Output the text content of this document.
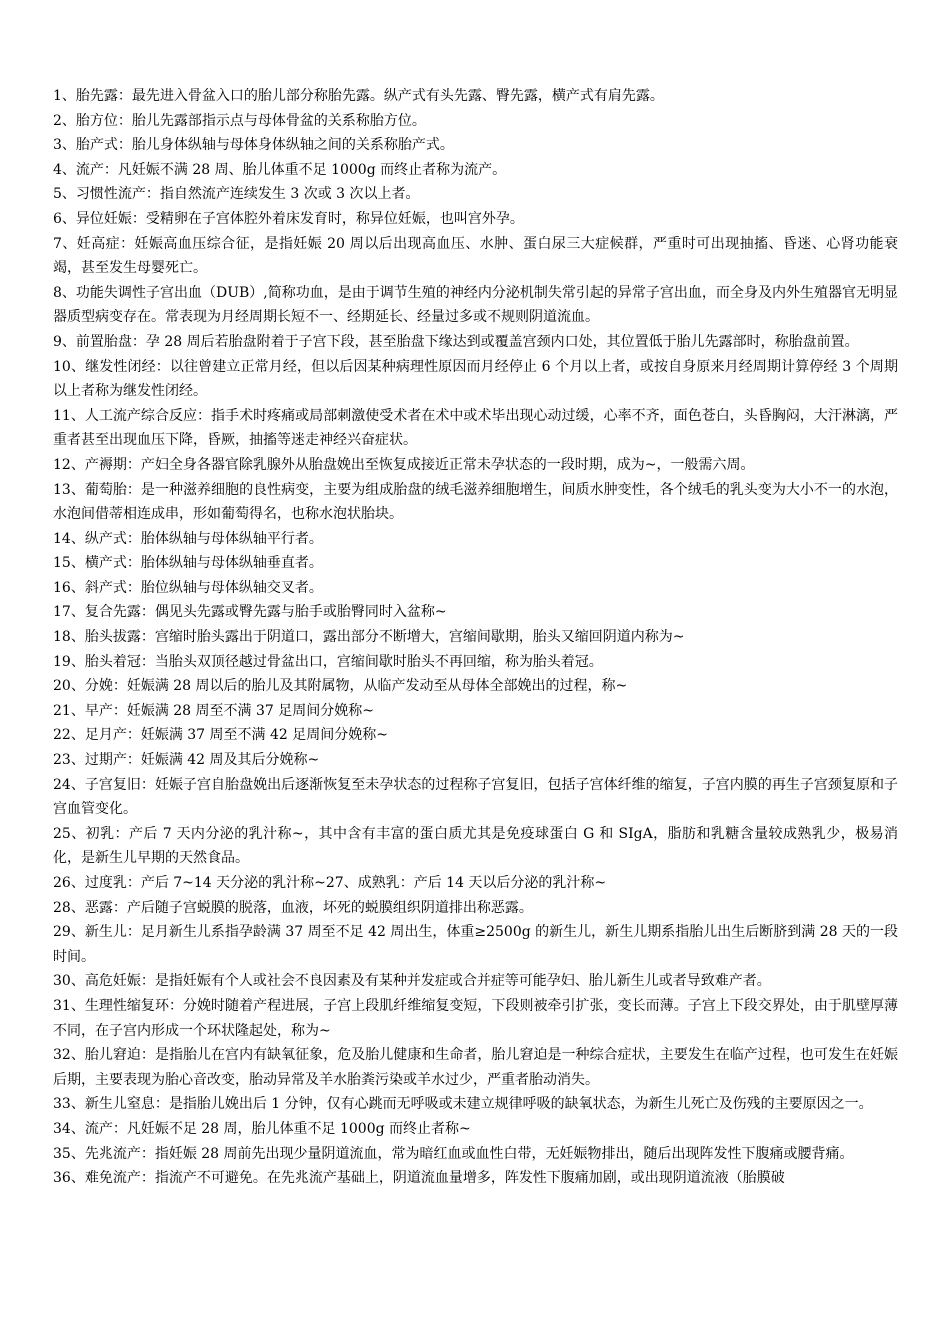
1、胎先露：最先进入骨盆入口的胎儿部分称胎先露。纵产式有头先露、臀先露，横产式有肩先露。

2、胎方位：胎儿先露部指示点与母体骨盆的关系称胎方位。

3、胎产式：胎儿身体纵轴与母体身体纵轴之间的关系称胎产式。

4、流产：凡妊娠不满 28 周、胎儿体重不足 1000g 而终止者称为流产。

5、习惯性流产：指自然流产连续发生 3 次或 3 次以上者。

6、异位妊娠：受精卵在子宫体腔外着床发育时，称异位妊娠，也叫宫外孕。

7、妊高症：妊娠高血压综合征，是指妊娠 20 周以后出现高血压、水肿、蛋白尿三大症候群，严重时可出现抽搐、昏迷、心肾功能衰竭，甚至发生母婴死亡。

8、功能失调性子宫出血（DUB）,简称功血，是由于调节生殖的神经内分泌机制失常引起的异常子宫出血，而全身及内外生殖器官无明显器质型病变存在。常表现为月经周期长短不一、经期延长、经量过多或不规则阴道流血。

9、前置胎盘：孕 28 周后若胎盘附着于子宫下段，甚至胎盘下缘达到或覆盖宫颈内口处，其位置低于胎儿先露部时，称胎盘前置。

10、继发性闭经：以往曾建立正常月经，但以后因某种病理性原因而月经停止 6 个月以上者，或按自身原来月经周期计算停经 3 个周期以上者称为继发性闭经。

11、人工流产综合反应：指手术时疼痛或局部刺激使受术者在术中或术毕出现心动过缓，心率不齐，面色苍白，头昏胸闷，大汗淋漓，严重者甚至出现血压下降，昏厥，抽搐等迷走神经兴奋症状。

12、产褥期：产妇全身各器官除乳腺外从胎盘娩出至恢复成接近正常未孕状态的一段时期，成为~，一般需六周。

13、葡萄胎：是一种滋养细胞的良性病变，主要为组成胎盘的绒毛滋养细胞增生，间质水肿变性，各个绒毛的乳头变为大小不一的水泡，水泡间借蒂相连成串，形如葡萄得名，也称水泡状胎块。

14、纵产式：胎体纵轴与母体纵轴平行者。

15、横产式：胎体纵轴与母体纵轴垂直者。

16、斜产式：胎位纵轴与母体纵轴交叉者。

17、复合先露：偶见头先露或臀先露与胎手或胎臀同时入盆称~

18、胎头拔露：宫缩时胎头露出于阴道口，露出部分不断增大，宫缩间歇期，胎头又缩回阴道内称为~

19、胎头着冠：当胎头双顶径越过骨盆出口，宫缩间歇时胎头不再回缩，称为胎头着冠。

20、分娩：妊娠满 28 周以后的胎儿及其附属物，从临产发动至从母体全部娩出的过程，称~

21、早产：妊娠满 28 周至不满 37 足周间分娩称~

22、足月产：妊娠满 37 周至不满 42 足周间分娩称~

23、过期产：妊娠满 42 周及其后分娩称~

24、子宫复旧：妊娠子宫自胎盘娩出后逐渐恢复至未孕状态的过程称子宫复旧，包括子宫体纤维的缩复，子宫内膜的再生子宫颈复原和子宫血管变化。

25、初乳：产后 7 天内分泌的乳汁称~，其中含有丰富的蛋白质尤其是免疫球蛋白 G 和 SIgA，脂肪和乳糖含量较成熟乳少，极易消化，是新生儿早期的天然食品。

26、过度乳：产后 7~14 天分泌的乳汁称~27、成熟乳：产后 14 天以后分泌的乳汁称~

28、恶露：产后随子宫蜕膜的脱落，血液，坏死的蜕膜组织阴道排出称恶露。

29、新生儿：足月新生儿系指孕龄满 37 周至不足 42 周出生，体重≥2500g 的新生儿，新生儿期系指胎儿出生后断脐到满 28 天的一段时间。

30、高危妊娠：是指妊娠有个人或社会不良因素及有某种并发症或合并症等可能孕妇、胎儿新生儿或者导致难产者。

31、生理性缩复环：分娩时随着产程进展，子宫上段肌纤维缩复变短，下段则被牵引扩张，变长而薄。子宫上下段交界处，由于肌壁厚薄不同，在子宫内形成一个环状隆起处，称为~

32、胎儿窘迫：是指胎儿在宫内有缺氧征象，危及胎儿健康和生命者，胎儿窘迫是一种综合症状，主要发生在临产过程，也可发生在妊娠后期，主要表现为胎心音改变，胎动异常及羊水胎粪污染或羊水过少，严重者胎动消失。

33、新生儿窒息：是指胎儿娩出后 1 分钟，仅有心跳而无呼吸或未建立规律呼吸的缺氧状态，为新生儿死亡及伤残的主要原因之一。

34、流产：凡妊娠不足 28 周，胎儿体重不足 1000g 而终止者称~

35、先兆流产：指妊娠 28 周前先出现少量阴道流血，常为暗红血或血性白带，无妊娠物排出，随后出现阵发性下腹痛或腰背痛。

36、难免流产：指流产不可避免。在先兆流产基础上，阴道流血量增多，阵发性下腹痛加剧，或出现阴道流液（胎膜破
